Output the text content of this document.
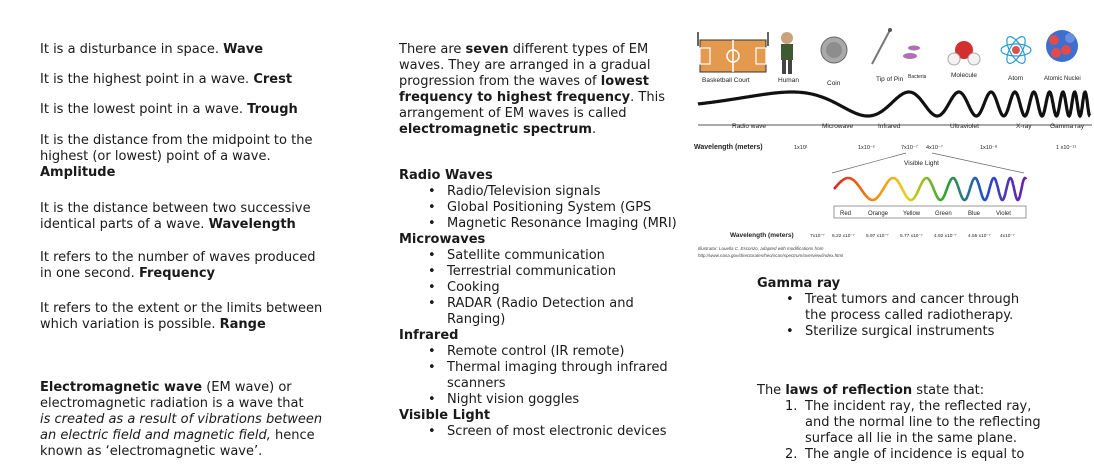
It is a disturbance in space. Wave
It is the highest point in a wave. Crest
It is the lowest point in a wave. Trough
It is the distance from the midpoint to the
highest (or lowest) point of a wave.
Amplitude
It is the distance between two successive
identical parts of a wave. Wavelength
It refers to the number of waves produced
in one second. Frequency
It refers to the extent or the limits between
which variation is possible. Range
Electromagnetic wave (EM wave) or
electromagnetic radiation is a wave that
is created as a result of vibrations between
an electric field and magnetic field, hence
known as ‘electromagnetic wave’.
There are seven different types of EM
waves. They are arranged in a gradual
progression from the waves of lowest
frequency to highest frequency. This
arrangement of EM waves is called
electromagnetic spectrum.
Radio Waves
• Radio/Television signals
• Global Positioning System (GPS
• Magnetic Resonance Imaging (MRI)
Microwaves
• Satellite communication
• Terrestrial communication
• Cooking
• RADAR (Radio Detection and
Ranging)
Infrared
• Remote control (IR remote)
• Thermal imaging through infrared
scanners
• Night vision goggles
Visible Light
• Screen of most electronic devices
Basketball Court	Human	Coin
Tip of Pin Bacteria	Molecule	Atom	Atomic Nuclei
Radio wave	Microwave	Infrared	Ultraviolet	X-ray	Gamma ray
Wavelength (meters)	1x10¹	1x10⁻²	7x10⁻⁷ 4x10⁻⁷	1x10⁻⁸	1 x10⁻¹¹
Visible Light
Red	Orange Yellow Green	Blue	Violet
Wavelength (meters)	7x10⁻⁷ 6.22 x10⁻⁷ 5.97 x10⁻⁷ 5.77 x10⁻⁷ 4.92 x10⁻⁷ 4.55 x10⁻⁷ 4x10⁻⁷
Illustrator: Louella C. Escorizo, adapted with modifications from
http://www.nasa.gov/directorates/heo/scan/spectrum/overview/index.html
Gamma ray
• Treat tumors and cancer through
the process called radiotherapy.
• Sterilize surgical instruments
The laws of reflection state that:
1. The incident ray, the reflected ray,
and the normal line to the reflecting
surface all lie in the same plane.
2. The angle of incidence is equal to
